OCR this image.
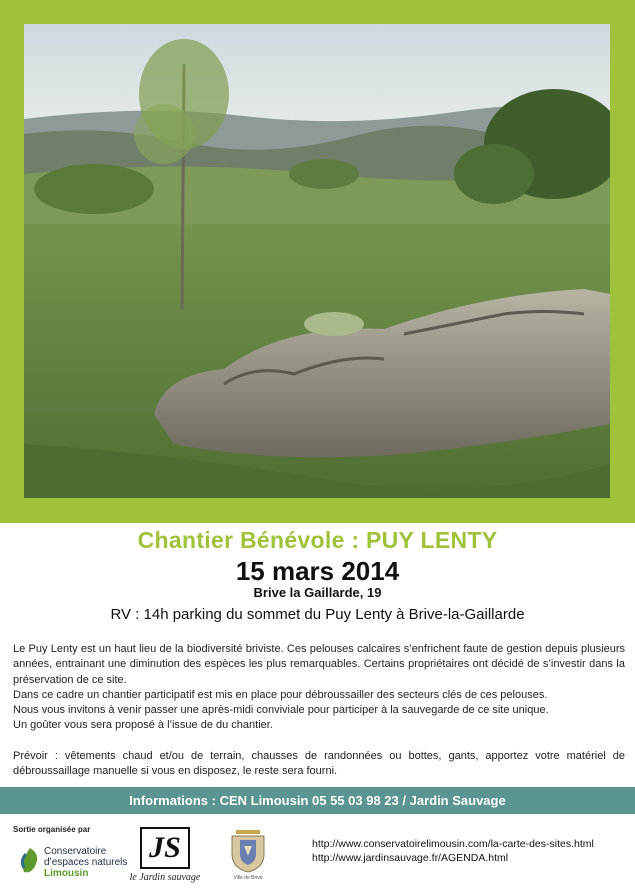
Chantier Bénévole : PUY LENTY
15 mars 2014
Brive la Gaillarde, 19
RV : 14h parking du sommet du Puy Lenty à Brive-la-Gaillarde

Le Puy Lenty est un haut lieu de la biodiversité briviste. Ces pelouses calcaires s’enfrichent faute de gestion depuis plusieurs années, entrainant une diminution des espèces les plus remarquables. Certains propriétaires ont décidé de s’investir dans la préservation de ce site.

Dans ce cadre un chantier participatif est mis en place pour débroussailler des secteurs clés de ces pelouses.

Nous vous invitons à venir passer une après-midi conviviale pour participer à la sauvegarde de ce site unique.

Un goûter vous sera proposé à l’issue de du chantier.

Prévoir : vêtements chaud et/ou de terrain, chausses de randonnées ou bottes, gants, apportez votre matériel de débroussaillage manuelle si vous en disposez, le reste sera fourni.

Informations : CEN Limousin 05 55 03 98 23 / Jardin Sauvage
Sortie organisée par
Conservatoire
d’espaces naturels
Limousin
JS
le Jardin sauvage	Ville de Brive
http://www.conservatoirelimousin.com/la-carte-des-sites.html
http://www.jardinsauvage.fr/AGENDA.html
